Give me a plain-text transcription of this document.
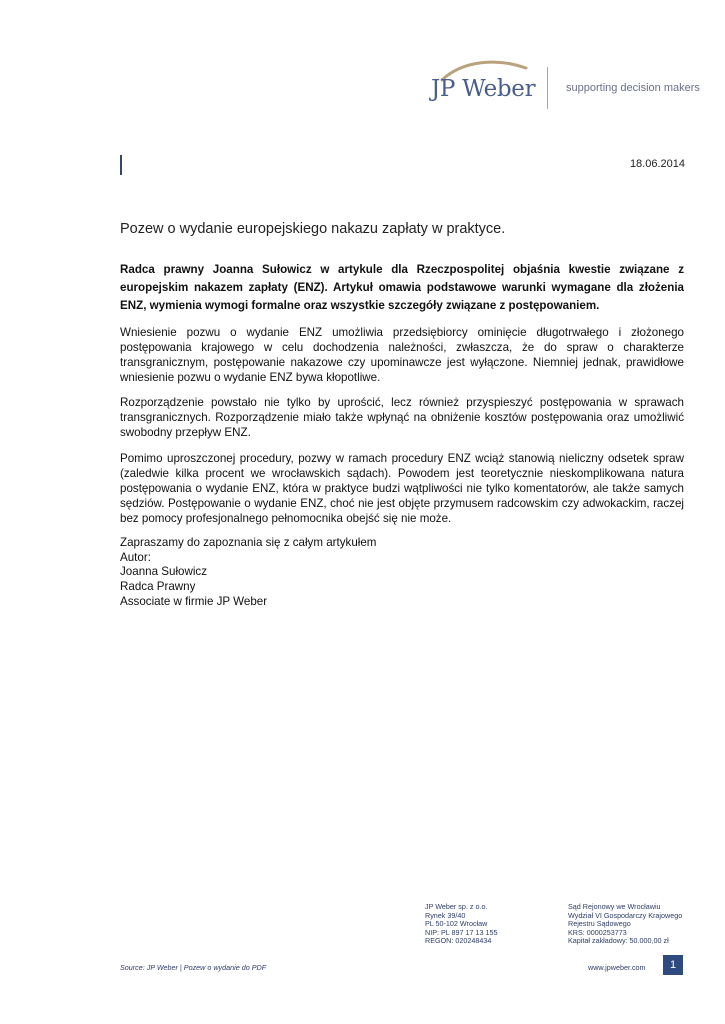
JP Weber	supporting decision makers
18.06.2014
Pozew o wydanie europejskiego nakazu zapłaty w praktyce.
Radca prawny Joanna Sułowicz w artykule dla Rzeczpospolitej objaśnia kwestie związane z europejskim nakazem zapłaty (ENZ). Artykuł omawia podstawowe warunki wymagane dla złożenia ENZ, wymienia wymogi formalne oraz wszystkie szczegóły związane z postępowaniem.

Wniesienie pozwu o wydanie ENZ umożliwia przedsiębiorcy ominięcie długotrwałego i złożonego postępowania krajowego w celu dochodzenia należności, zwłaszcza, że do spraw o charakterze transgranicznym, postępowanie nakazowe czy upominawcze jest wyłączone. Niemniej jednak, prawidłowe wniesienie pozwu o wydanie ENZ bywa kłopotliwe.

Rozporządzenie powstało nie tylko by uprościć, lecz również przyspieszyć postępowania w sprawach transgranicznych. Rozporządzenie miało także wpłynąć na obniżenie kosztów postępowania oraz umożliwić swobodny przepływ ENZ.

Pomimo uproszczonej procedury, pozwy w ramach procedury ENZ wciąż stanowią nieliczny odsetek spraw (zaledwie kilka procent we wrocławskich sądach). Powodem jest teoretycznie nieskomplikowana natura postępowania o wydanie ENZ, która w praktyce budzi wątpliwości nie tylko komentatorów, ale także samych sędziów. Postępowanie o wydanie ENZ, choć nie jest objęte przymusem radcowskim czy adwokackim, raczej bez pomocy profesjonalnego pełnomocnika obejść się nie może.

Zapraszamy do zapoznania się z całym artykułem
Autor:
Joanna Sułowicz
Radca Prawny
Associate w firmie JP Weber
JP Weber sp. z o.o.
Rynek 39/40
PL 50-102 Wrocław
NIP: PL 897 17 13 155
REGON: 020248434
Sąd Rejonowy we Wrocławiu
Wydział VI Gospodarczy Krajowego
Rejestru Sądowego
KRS: 0000253773
Kapitał zakładowy: 50.000,00 zł
Source: JP Weber | Pozew o wydanie do PDF	www.jpweber.com	1
